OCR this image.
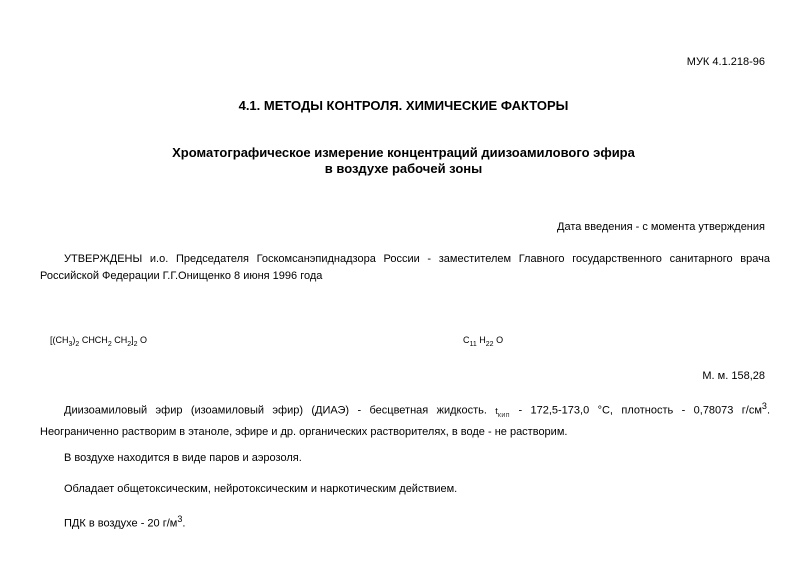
МУК 4.1.218-96
4.1. МЕТОДЫ КОНТРОЛЯ. ХИМИЧЕСКИЕ ФАКТОРЫ
Хроматографическое измерение концентраций диизоамилового эфира
в воздухе рабочей зоны
Дата введения - с момента утверждения
УТВЕРЖДЕНЫ и.о. Председателя Госкомсанэпиднадзора России - заместителем Главного государственного санитарного врача Российской Федерации Г.Г.Онищенко 8 июня 1996 года
[$(CH_3)_2$ $CHCH_2$ $CH_2]_2$ O	$C_{11}$ $H_{22}$ O
М. м. 158,28
Диизоамиловый эфир (изоамиловый эфир) (ДИАЭ) - бесцветная жидкость. $t_{кип} - 172,5-173,0$ °С, плотность - 0,78073 $г/см^3$. Неограниченно растворим в этаноле, эфире и др. органических растворителях, в воде - не растворим.
В воздухе находится в виде паров и аэрозоля.
Обладает общетоксическим, нейротоксическим и наркотическим действием.
ПДК в воздухе - 20 $г/м^3$.
